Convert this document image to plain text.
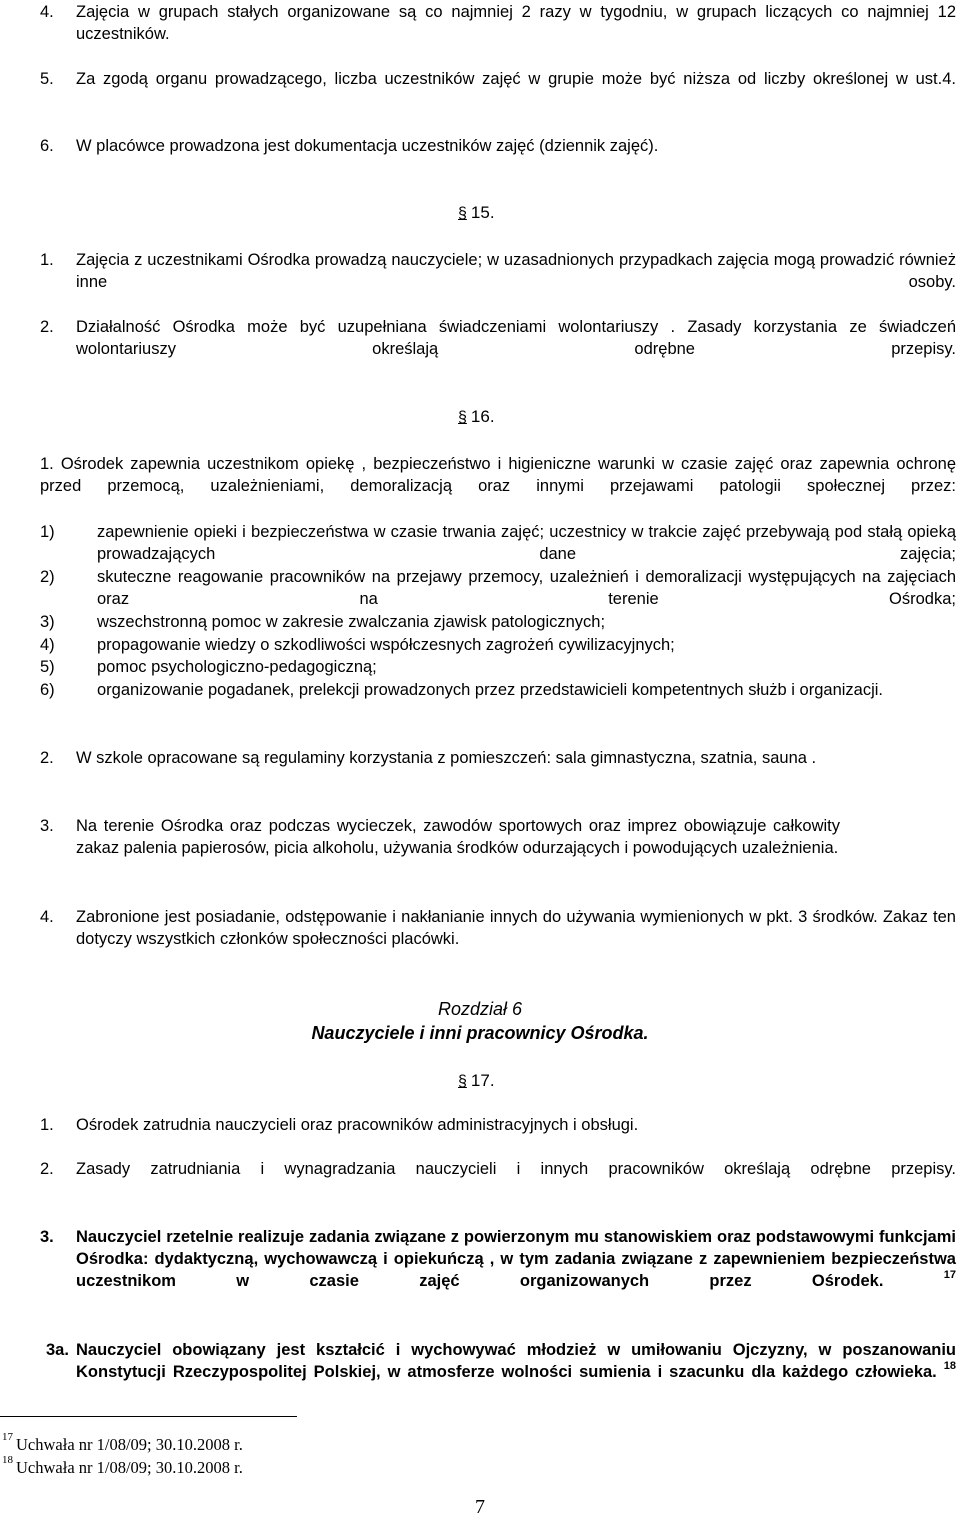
4.	Zajęcia w grupach stałych organizowane są co najmniej 2 razy w tygodniu, w grupach liczących co najmniej 12 uczestników.
5.	Za zgodą organu prowadzącego, liczba uczestników zajęć w grupie może być niższa od liczby określonej w ust.4.
6.	W placówce prowadzona jest dokumentacja uczestników zajęć (dziennik zajęć).
§ 15.
1.	Zajęcia z uczestnikami Ośrodka prowadzą nauczyciele; w uzasadnionych przypadkach zajęcia mogą prowadzić również inne osoby.
2.	Działalność Ośrodka może być uzupełniana świadczeniami wolontariuszy . Zasady korzystania ze świadczeń wolontariuszy określają odrębne przepisy.
§ 16.
1. Ośrodek zapewnia uczestnikom opiekę , bezpieczeństwo i higieniczne warunki w czasie zajęć oraz zapewnia ochronę przed przemocą, uzależnieniami, demoralizacją oraz innymi przejawami patologii społecznej przez:
1)	zapewnienie opieki i bezpieczeństwa w czasie trwania zajęć; uczestnicy w trakcie zajęć przebywają pod stałą opieką prowadzających dane zajęcia;
2)	skuteczne reagowanie pracowników na przejawy przemocy, uzależnień i demoralizacji występujących na zajęciach oraz na terenie Ośrodka;
3)	wszechstronną pomoc w zakresie zwalczania zjawisk patologicznych;
4)	propagowanie wiedzy o szkodliwości współczesnych zagrożeń cywilizacyjnych;
5)	pomoc psychologiczno-pedagogiczną;
6)	organizowanie pogadanek, prelekcji prowadzonych przez przedstawicieli kompetentnych służb i organizacji.
2.	W szkole opracowane są regulaminy korzystania z pomieszczeń: sala gimnastyczna, szatnia, sauna .
3.	Na terenie Ośrodka oraz podczas wycieczek, zawodów sportowych oraz imprez obowiązuje całkowity zakaz palenia papierosów, picia alkoholu, używania środków odurzających i powodujących uzależnienia.
4.	Zabronione jest posiadanie, odstępowanie i nakłanianie innych do używania wymienionych w pkt. 3 środków. Zakaz ten dotyczy wszystkich członków społeczności placówki.
Rozdział 6
Nauczyciele i inni pracownicy Ośrodka.
§ 17.
1.	Ośrodek zatrudnia nauczycieli oraz pracowników administracyjnych i obsługi.
2.	Zasady zatrudniania i wynagradzania nauczycieli i innych pracowników określają odrębne przepisy.
3.	Nauczyciel rzetelnie realizuje zadania związane z powierzonym mu stanowiskiem oraz podstawowymi funkcjami Ośrodka: dydaktyczną, wychowawczą i opiekuńczą , w tym zadania związane z zapewnieniem bezpieczeństwa uczestnikom w czasie zajęć organizowanych przez Ośrodek.	$^{17}$
3a. Nauczyciel obowiązany jest kształcić i wychowywać młodzież w umiłowaniu Ojczyzny, w poszanowaniu Konstytucji Rzeczypospolitej Polskiej, w atmosferze wolności sumienia i szacunku dla każdego człowieka. $^{18}$
$^{17}$ Uchwała nr 1/08/09; 30.10.2008 r.
$^{18}$ Uchwała nr 1/08/09; 30.10.2008 r.
7
